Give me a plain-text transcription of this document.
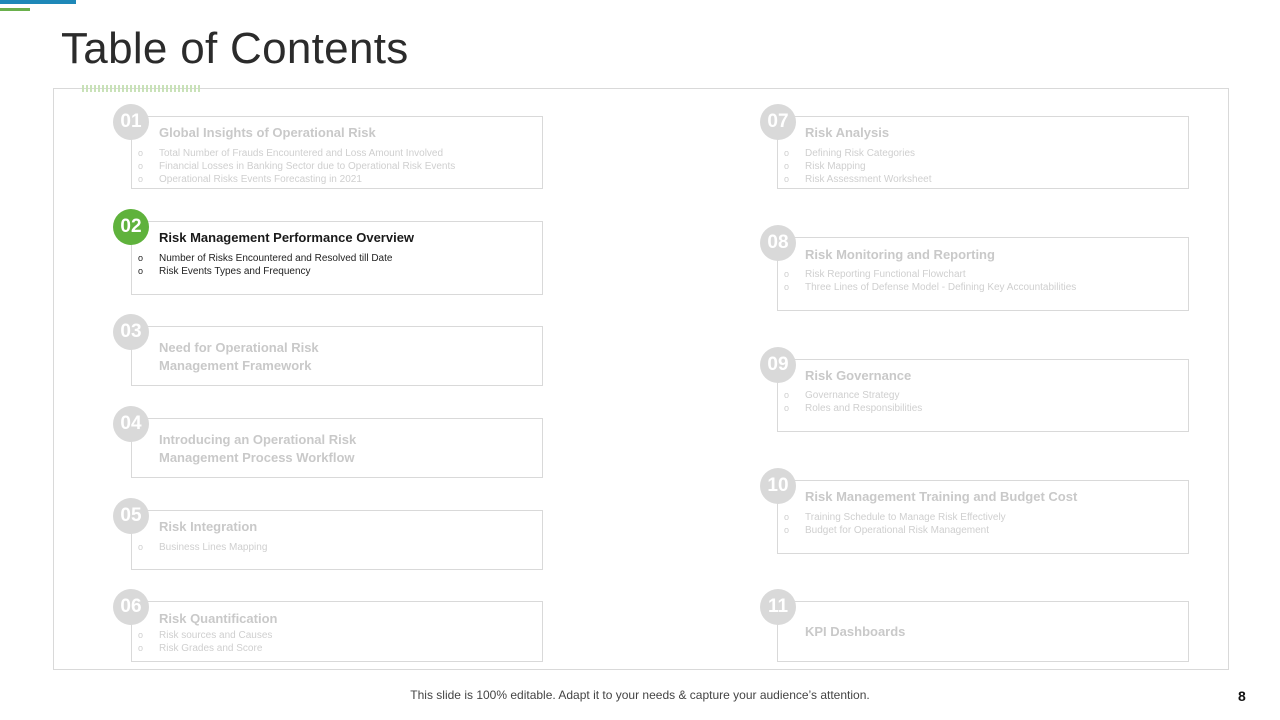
Table of Contents
01
Global Insights of Operational Risk
o Total Number of Frauds Encountered and Loss Amount Involved
o Financial Losses in Banking Sector due to Operational Risk Events
o Operational Risks Events Forecasting in 2021
02
Risk Management Performance Overview
o Number of Risks Encountered and Resolved till Date
o Risk Events Types and Frequency
03
Need for Operational Risk
Management Framework
04
Introducing an Operational Risk
Management Process Workflow
05
Risk Integration
o Business Lines Mapping
06
Risk Quantification
o Risk sources and Causes
o Risk Grades and Score
07
Risk Analysis
o Defining Risk Categories
o Risk Mapping
o Risk Assessment Worksheet
08
Risk Monitoring and Reporting
o Risk Reporting Functional Flowchart
o Three Lines of Defense Model - Defining Key Accountabilities
09
Risk Governance
o Governance Strategy
o Roles and Responsibilities
10
Risk Management Training and Budget Cost
o Training Schedule to Manage Risk Effectively
o Budget for Operational Risk Management
11
KPI Dashboards
This slide is 100% editable. Adapt it to your needs & capture your audience’s attention.	8
